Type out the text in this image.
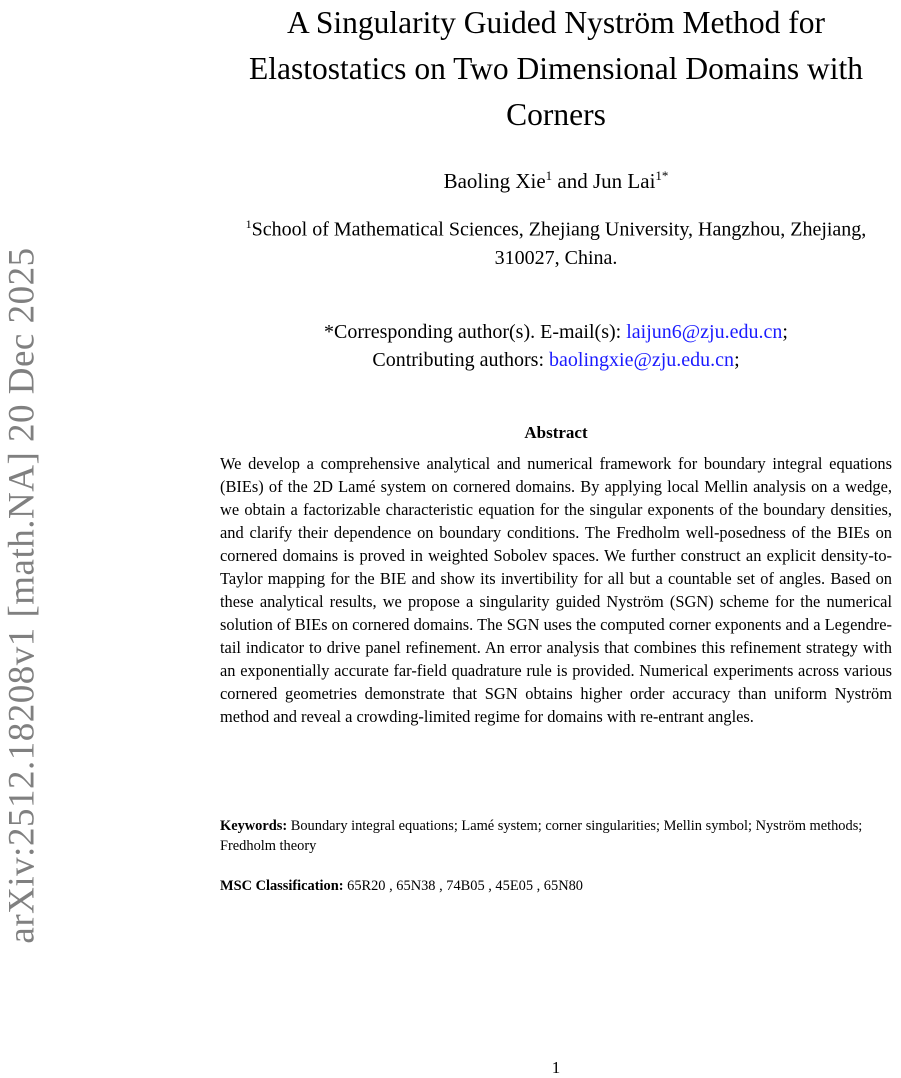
arXiv:2512.18208v1 [math.NA] 20 Dec 2025
A Singularity Guided Nyström Method for Elastostatics on Two Dimensional Domains with Corners
Baoling Xie$^1$ and Jun Lai$^{1*}$
$^1$School of Mathematical Sciences, Zhejiang University, Hangzhou, Zhejiang, 310027, China.
*Corresponding author(s). E-mail(s): laijun6@zju.edu.cn;
Contributing authors: baolingxie@zju.edu.cn;
Abstract

We develop a comprehensive analytical and numerical framework for boundary integral equations (BIEs) of the 2D Lamé system on cornered domains. By applying local Mellin analysis on a wedge, we obtain a factorizable characteristic equation for the singular exponents of the boundary densities, and clarify their dependence on boundary conditions. The Fredholm well-posedness of the BIEs on cornered domains is proved in weighted Sobolev spaces. We further construct an explicit density-to-Taylor mapping for the BIE and show its invertibility for all but a countable set of angles. Based on these analytical results, we propose a singularity guided Nyström (SGN) scheme for the numerical solution of BIEs on cornered domains. The SGN uses the computed corner exponents and a Legendre-tail indicator to drive panel refinement. An error analysis that combines this refinement strategy with an exponentially accurate far-field quadrature rule is provided. Numerical experiments across various cornered geometries demonstrate that SGN obtains higher order accuracy than uniform Nyström method and reveal a crowding-limited regime for domains with re-entrant angles.

Keywords: Boundary integral equations; Lamé system; corner singularities; Mellin symbol; Nyström methods; Fredholm theory
MSC Classification: 65R20 , 65N38 , 74B05 , 45E05 , 65N80
1
